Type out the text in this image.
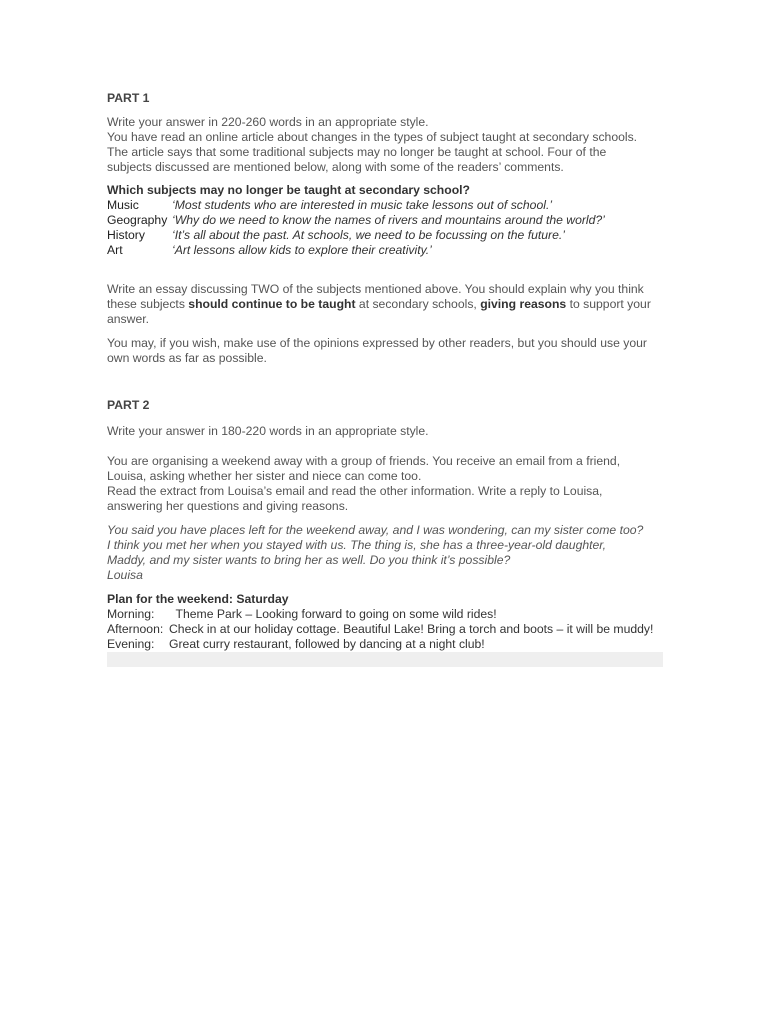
PART 1

Write your answer in 220-260 words in an appropriate style.

You have read an online article about changes in the types of subject taught at secondary schools.

The article says that some traditional subjects may no longer be taught at school. Four of the

subjects discussed are mentioned below, along with some of the readers’ comments.

Which subjects may no longer be taught at secondary school?

Music	‘Most students who are interested in music take lessons out of school.’
Geography ‘Why do we need to know the names of rivers and mountains around the world?’
History	‘It’s all about the past. At schools, we need to be focussing on the future.’
Art	‘Art lessons allow kids to explore their creativity.’

Write an essay discussing TWO of the subjects mentioned above. You should explain why you think these subjects should continue to be taught at secondary schools, giving reasons to support your answer.

You may, if you wish, make use of the opinions expressed by other readers, but you should use your own words as far as possible.

PART 2

Write your answer in 180-220 words in an appropriate style.

You are organising a weekend away with a group of friends. You receive an email from a friend,

Louisa, asking whether her sister and niece can come too.

Read the extract from Louisa’s email and read the other information. Write a reply to Louisa,

answering her questions and giving reasons.

You said you have places left for the weekend away, and I was wondering, can my sister come too?

I think you met her when you stayed with us. The thing is, she has a three-year-old daughter,

Maddy, and my sister wants to bring her as well. Do you think it’s possible?

Louisa

Plan for the weekend: Saturday

Morning:	Theme Park – Looking forward to going on some wild rides!
Afternoon: Check in at our holiday cottage. Beautiful Lake! Bring a torch and boots – it will be muddy!
Evening:	Great curry restaurant, followed by dancing at a night club!
